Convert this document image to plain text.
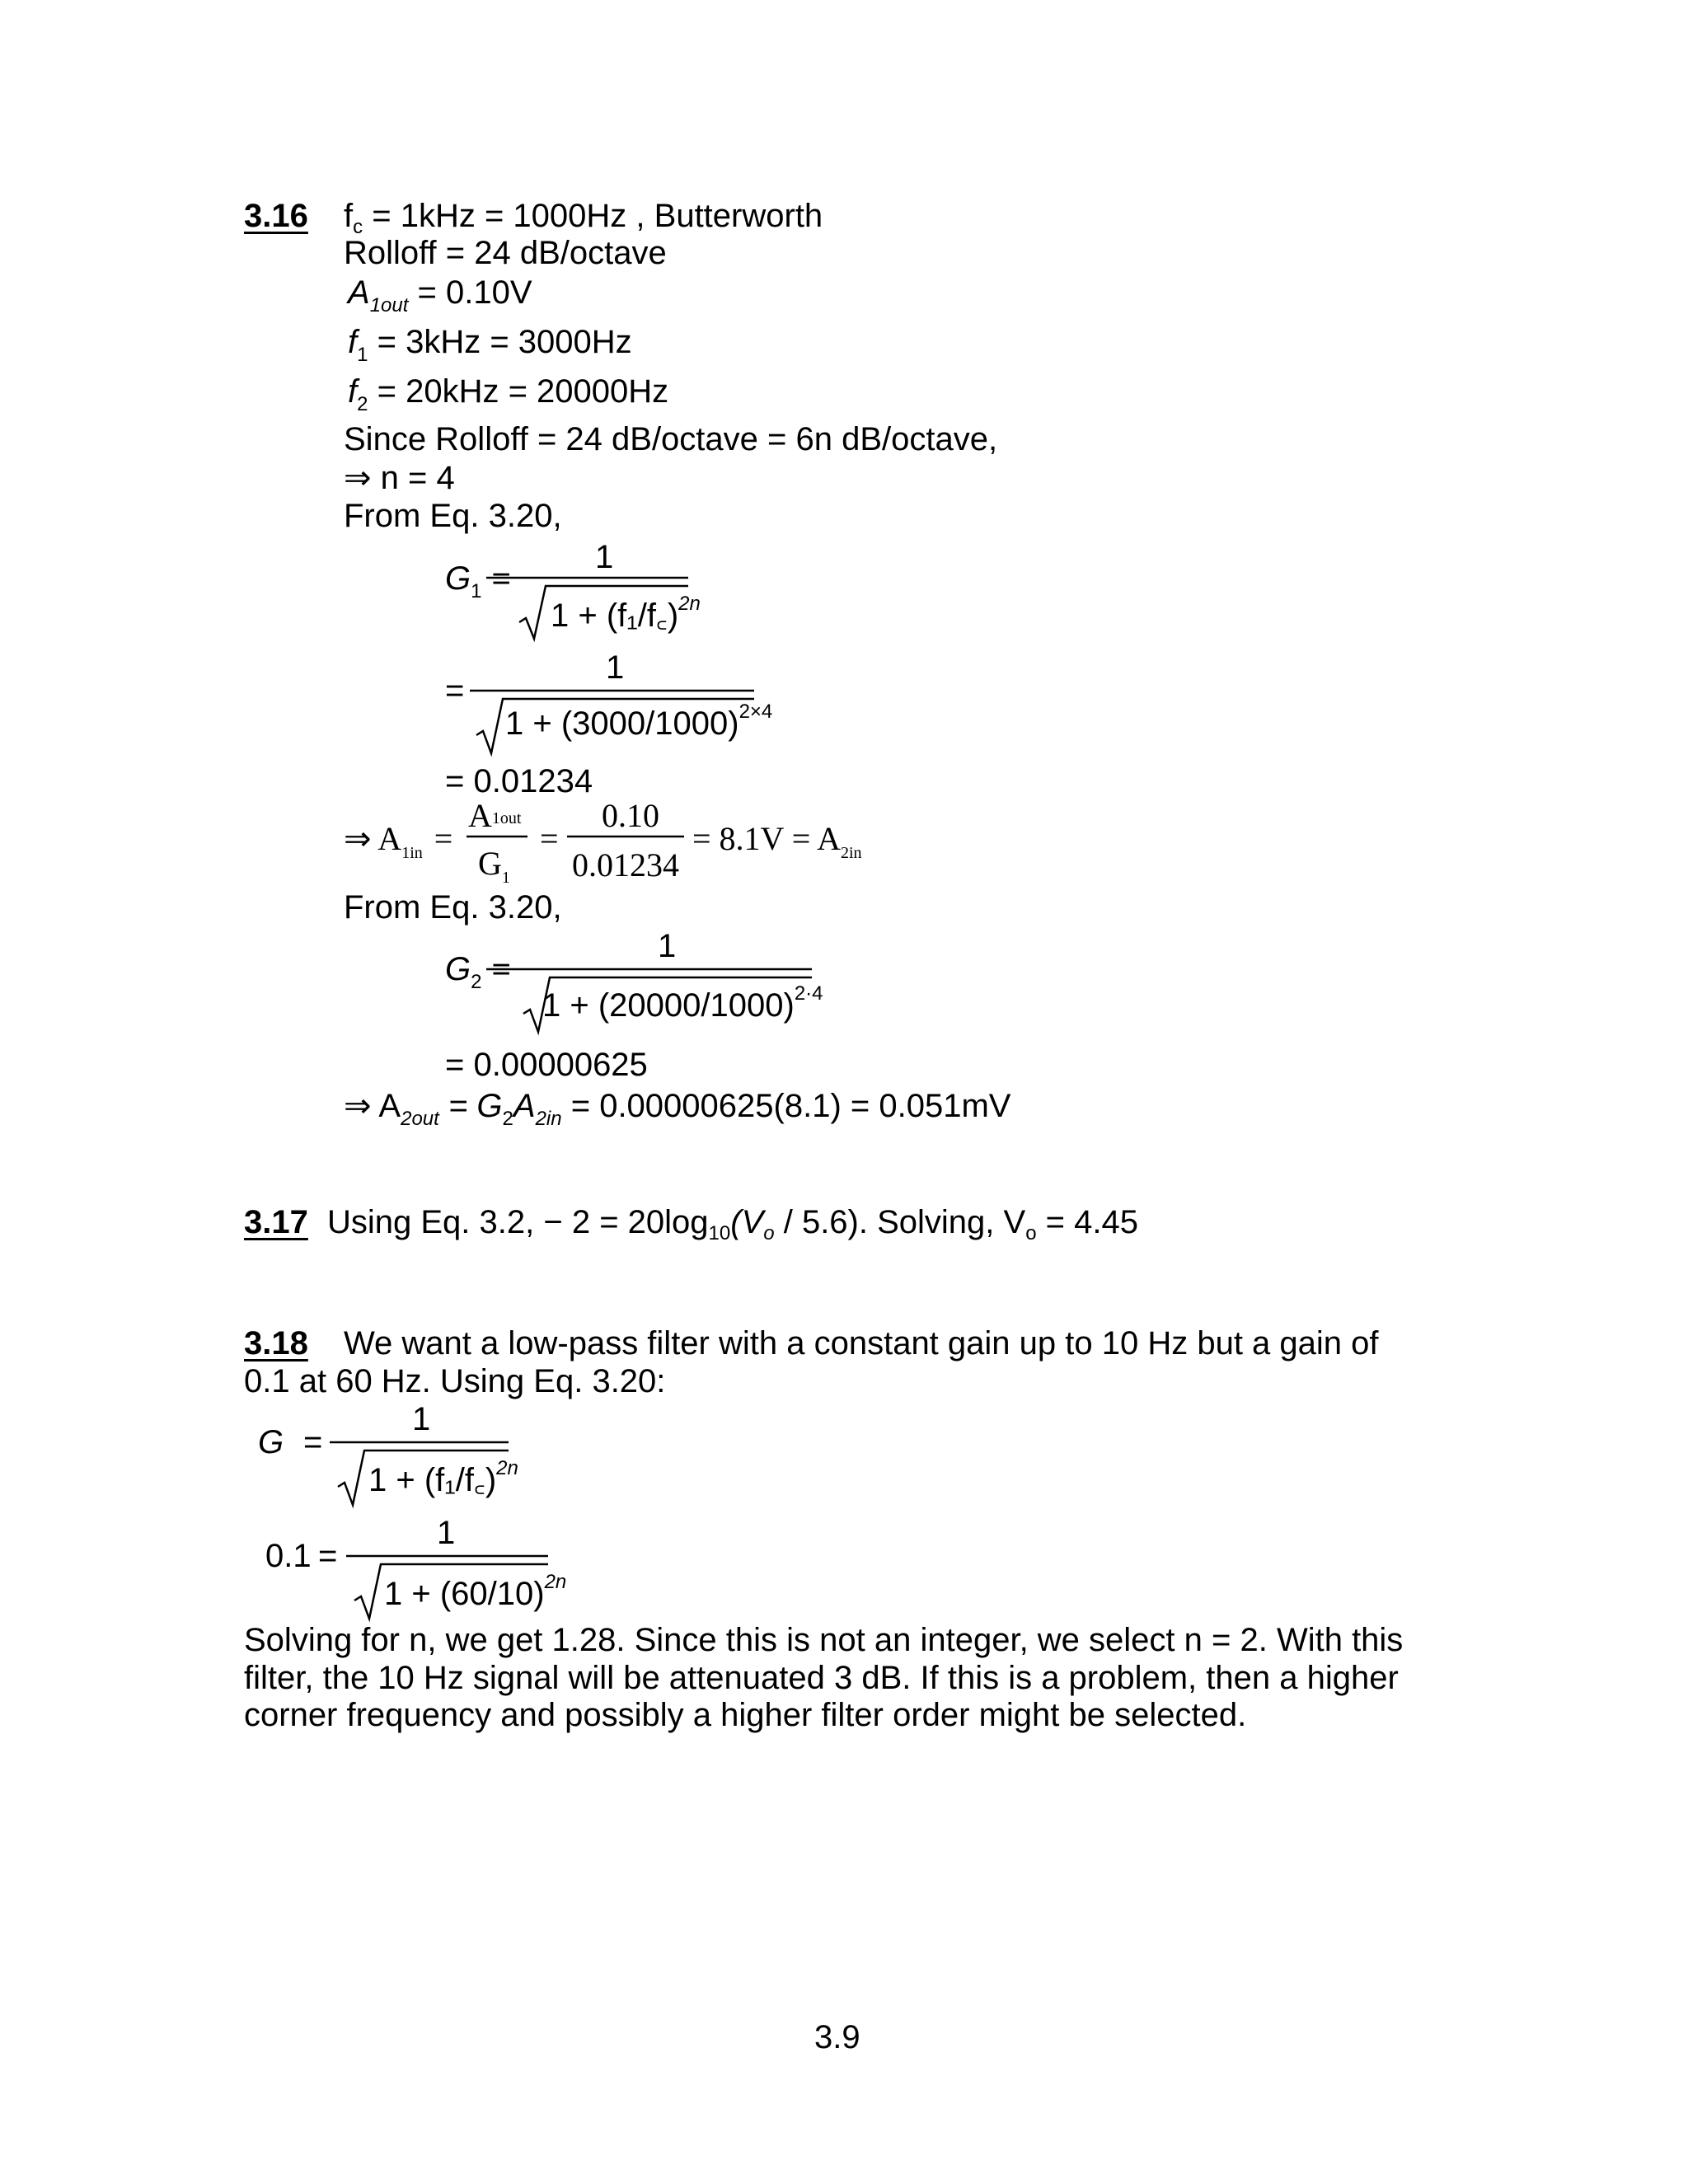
3.16 $f_c = 1kHz = 1000Hz$ , Butterworth
Rolloff = 24 dB/octave
$A_{1out} = 0.10V$
$f_1 = 3kHz = 3000Hz$
$f_2 = 20kHz = 20000Hz$
Since Rolloff = 24 dB/octave = 6n dB/octave,
⇒ n = 4
From Eq. 3.20,
$G_1$ =
1
1 + (f₁/f꜀)$^{2n}$
=
1
$1 + (3000/1000)^{2\times 4}$
= 0.01234
⇒ $A_{1in}$ =
A1out
$G_1$
=
0.10
0.01234
= $8.1V = A_{2in}$
From Eq. 3.20,
$G_2$ =
1
$1 + (20000/1000)^{2\cdot 4}$
= 0.00000625
⇒ $A_{2out} = G_2A_{2in} = 0.00000625(8.1) = 0.051mV$
3.17 Using Eq. 3.2, − $2 = 20\log_{10}(V_o / 5.6)$. Solving, $V_o = 4.45$
3.18 We want a low-pass filter with a constant gain up to 10 Hz but a gain of
0.1 at 60 Hz. Using Eq. 3.20:
G =
1
1 + (f₁/f꜀)$^{2n}$
0.1 =
1
$1 + (60/10)^{2n}$
Solving for n, we get 1.28. Since this is not an integer, we select n = 2. With this
filter, the 10 Hz signal will be attenuated 3 dB. If this is a problem, then a higher
corner frequency and possibly a higher filter order might be selected.
3.9
